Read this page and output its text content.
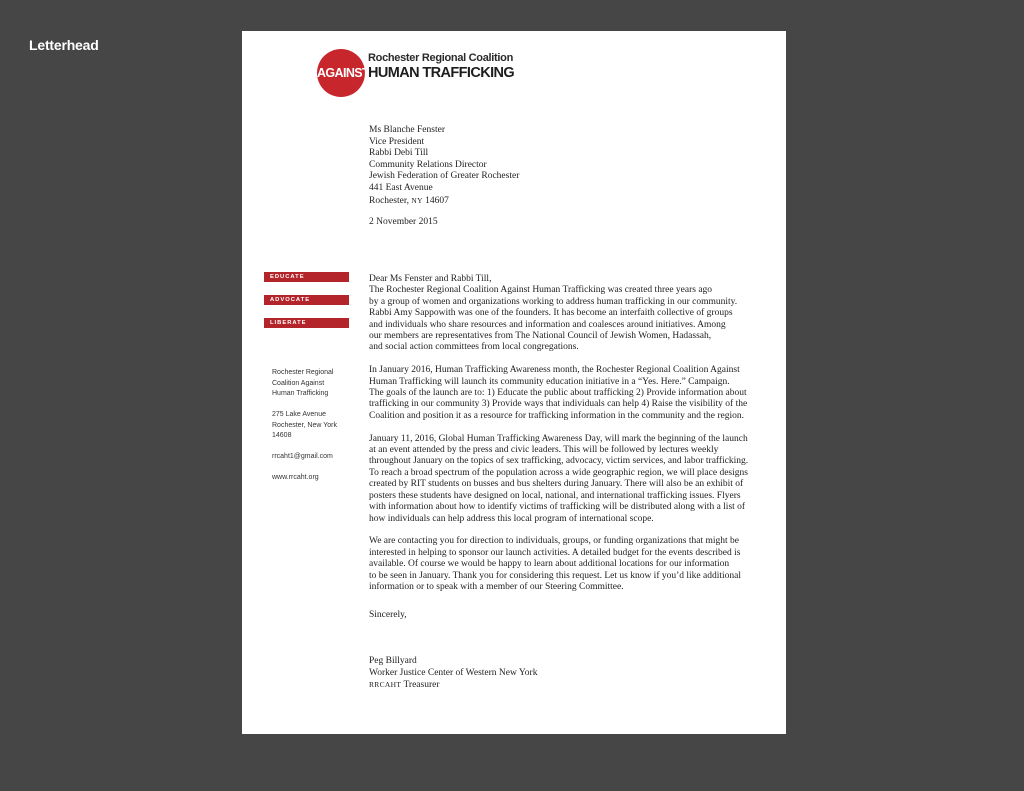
Letterhead
AGAINST
Rochester Regional Coalition
HUMAN TRAFFICKING
Ms Blanche Fenster
Vice President
Rabbi Debi Till
Community Relations Director
Jewish Federation of Greater Rochester
441 East Avenue
Rochester, NY 14607
2 November 2015
EDUCATE
ADVOCATE
LIBERATE
Rochester Regional
Coalition Against
Human Trafficking
275 Lake Avenue
Rochester, New York
14608
rrcaht1@gmail.com
www.rrcaht.org
Dear Ms Fenster and Rabbi Till,
The Rochester Regional Coalition Against Human Trafficking was created three years ago
by a group of women and organizations working to address human trafficking in our community.
Rabbi Amy Sappowith was one of the founders. It has become an interfaith collective of groups
and individuals who share resources and information and coalesces around initiatives. Among
our members are representatives from The National Council of Jewish Women, Hadassah,
and social action committees from local congregations.
In January 2016, Human Trafficking Awareness month, the Rochester Regional Coalition Against
Human Trafficking will launch its community education initiative in a “Yes. Here.” Campaign.
The goals of the launch are to: 1) Educate the public about trafficking 2) Provide information about
trafficking in our community 3) Provide ways that individuals can help 4) Raise the visibility of the
Coalition and position it as a resource for trafficking information in the community and the region.
January 11, 2016, Global Human Trafficking Awareness Day, will mark the beginning of the launch
at an event attended by the press and civic leaders. This will be followed by lectures weekly
throughout January on the topics of sex trafficking, advocacy, victim services, and labor trafficking.
To reach a broad spectrum of the population across a wide geographic region, we will place designs
created by RIT students on busses and bus shelters during January. There will also be an exhibit of
posters these students have designed on local, national, and international trafficking issues. Flyers
with information about how to identify victims of trafficking will be distributed along with a list of
how individuals can help address this local program of international scope.
We are contacting you for direction to individuals, groups, or funding organizations that might be
interested in helping to sponsor our launch activities. A detailed budget for the events described is
available. Of course we would be happy to learn about additional locations for our information
to be seen in January. Thank you for considering this request. Let us know if you’d like additional
information or to speak with a member of our Steering Committee.
Sincerely,
Peg Billyard
Worker Justice Center of Western New York
RRCAHT Treasurer
